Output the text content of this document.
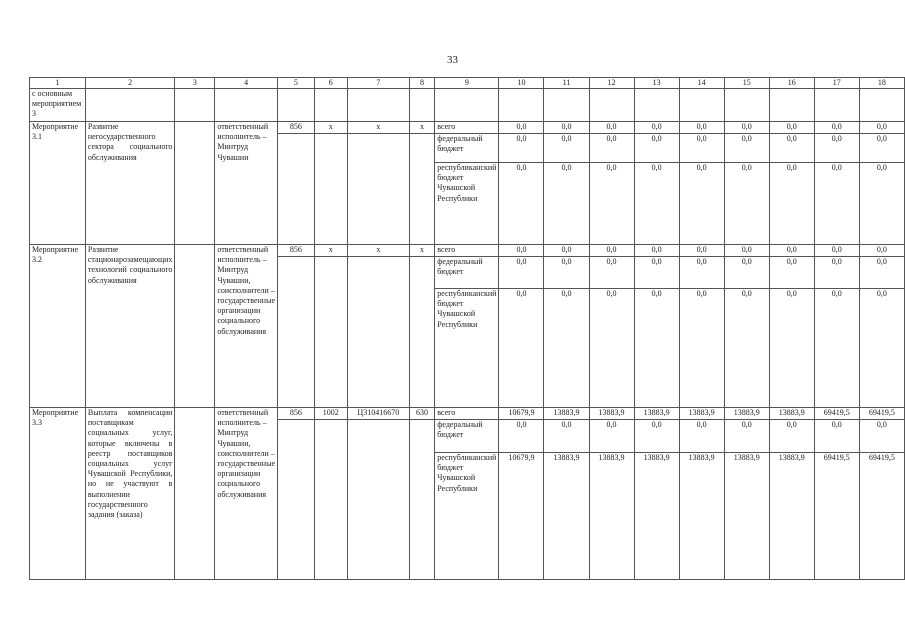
33
1	2	3	4	5	6	7	8	9	10	11	12	13	14	15	16	17	18
с основным мероприятием 3																	
Мероприятие 3.1	Развитие негосударственного сектора социального обслуживания		ответственный исполнитель – Минтруд Чувашии	856	x	x	x	всего	0,0	0,0	0,0	0,0	0,0	0,0	0,0	0,0	0,0
								федеральный бюджет	0,0	0,0	0,0	0,0	0,0	0,0	0,0	0,0	0,0
								республиканский бюджет Чувашской Республики	0,0	0,0	0,0	0,0	0,0	0,0	0,0	0,0	0,0
Мероприятие 3.2	Развитие стационарозамещающих технологий социального обслуживания		ответственный исполнитель – Минтруд Чувашии, соисполнители – государственные организации социального обслуживания	856	x	x	x	всего	0,0	0,0	0,0	0,0	0,0	0,0	0,0	0,0	0,0
								федеральный бюджет	0,0	0,0	0,0	0,0	0,0	0,0	0,0	0,0	0,0
								республиканский бюджет Чувашской Республики	0,0	0,0	0,0	0,0	0,0	0,0	0,0	0,0	0,0
Мероприятие 3.3	Выплата компенсации поставщикам социальных услуг, которые включены в реестр поставщиков социальных услуг Чувашской Республики, но не участвуют в выполнении государственного задания (заказа)		ответственный исполнитель – Минтруд Чувашии, соисполнители – государственные организации социального обслуживания	856	1002	Ц310416670	630	всего	10679,9	13883,9	13883,9	13883,9	13883,9	13883,9	13883,9	69419,5	69419,5
								федеральный бюджет	0,0	0,0	0,0	0,0	0,0	0,0	0,0	0,0	0,0
								республиканский бюджет Чувашской Республики	10679,9	13883,9	13883,9	13883,9	13883,9	13883,9	13883,9	69419,5	69419,5
